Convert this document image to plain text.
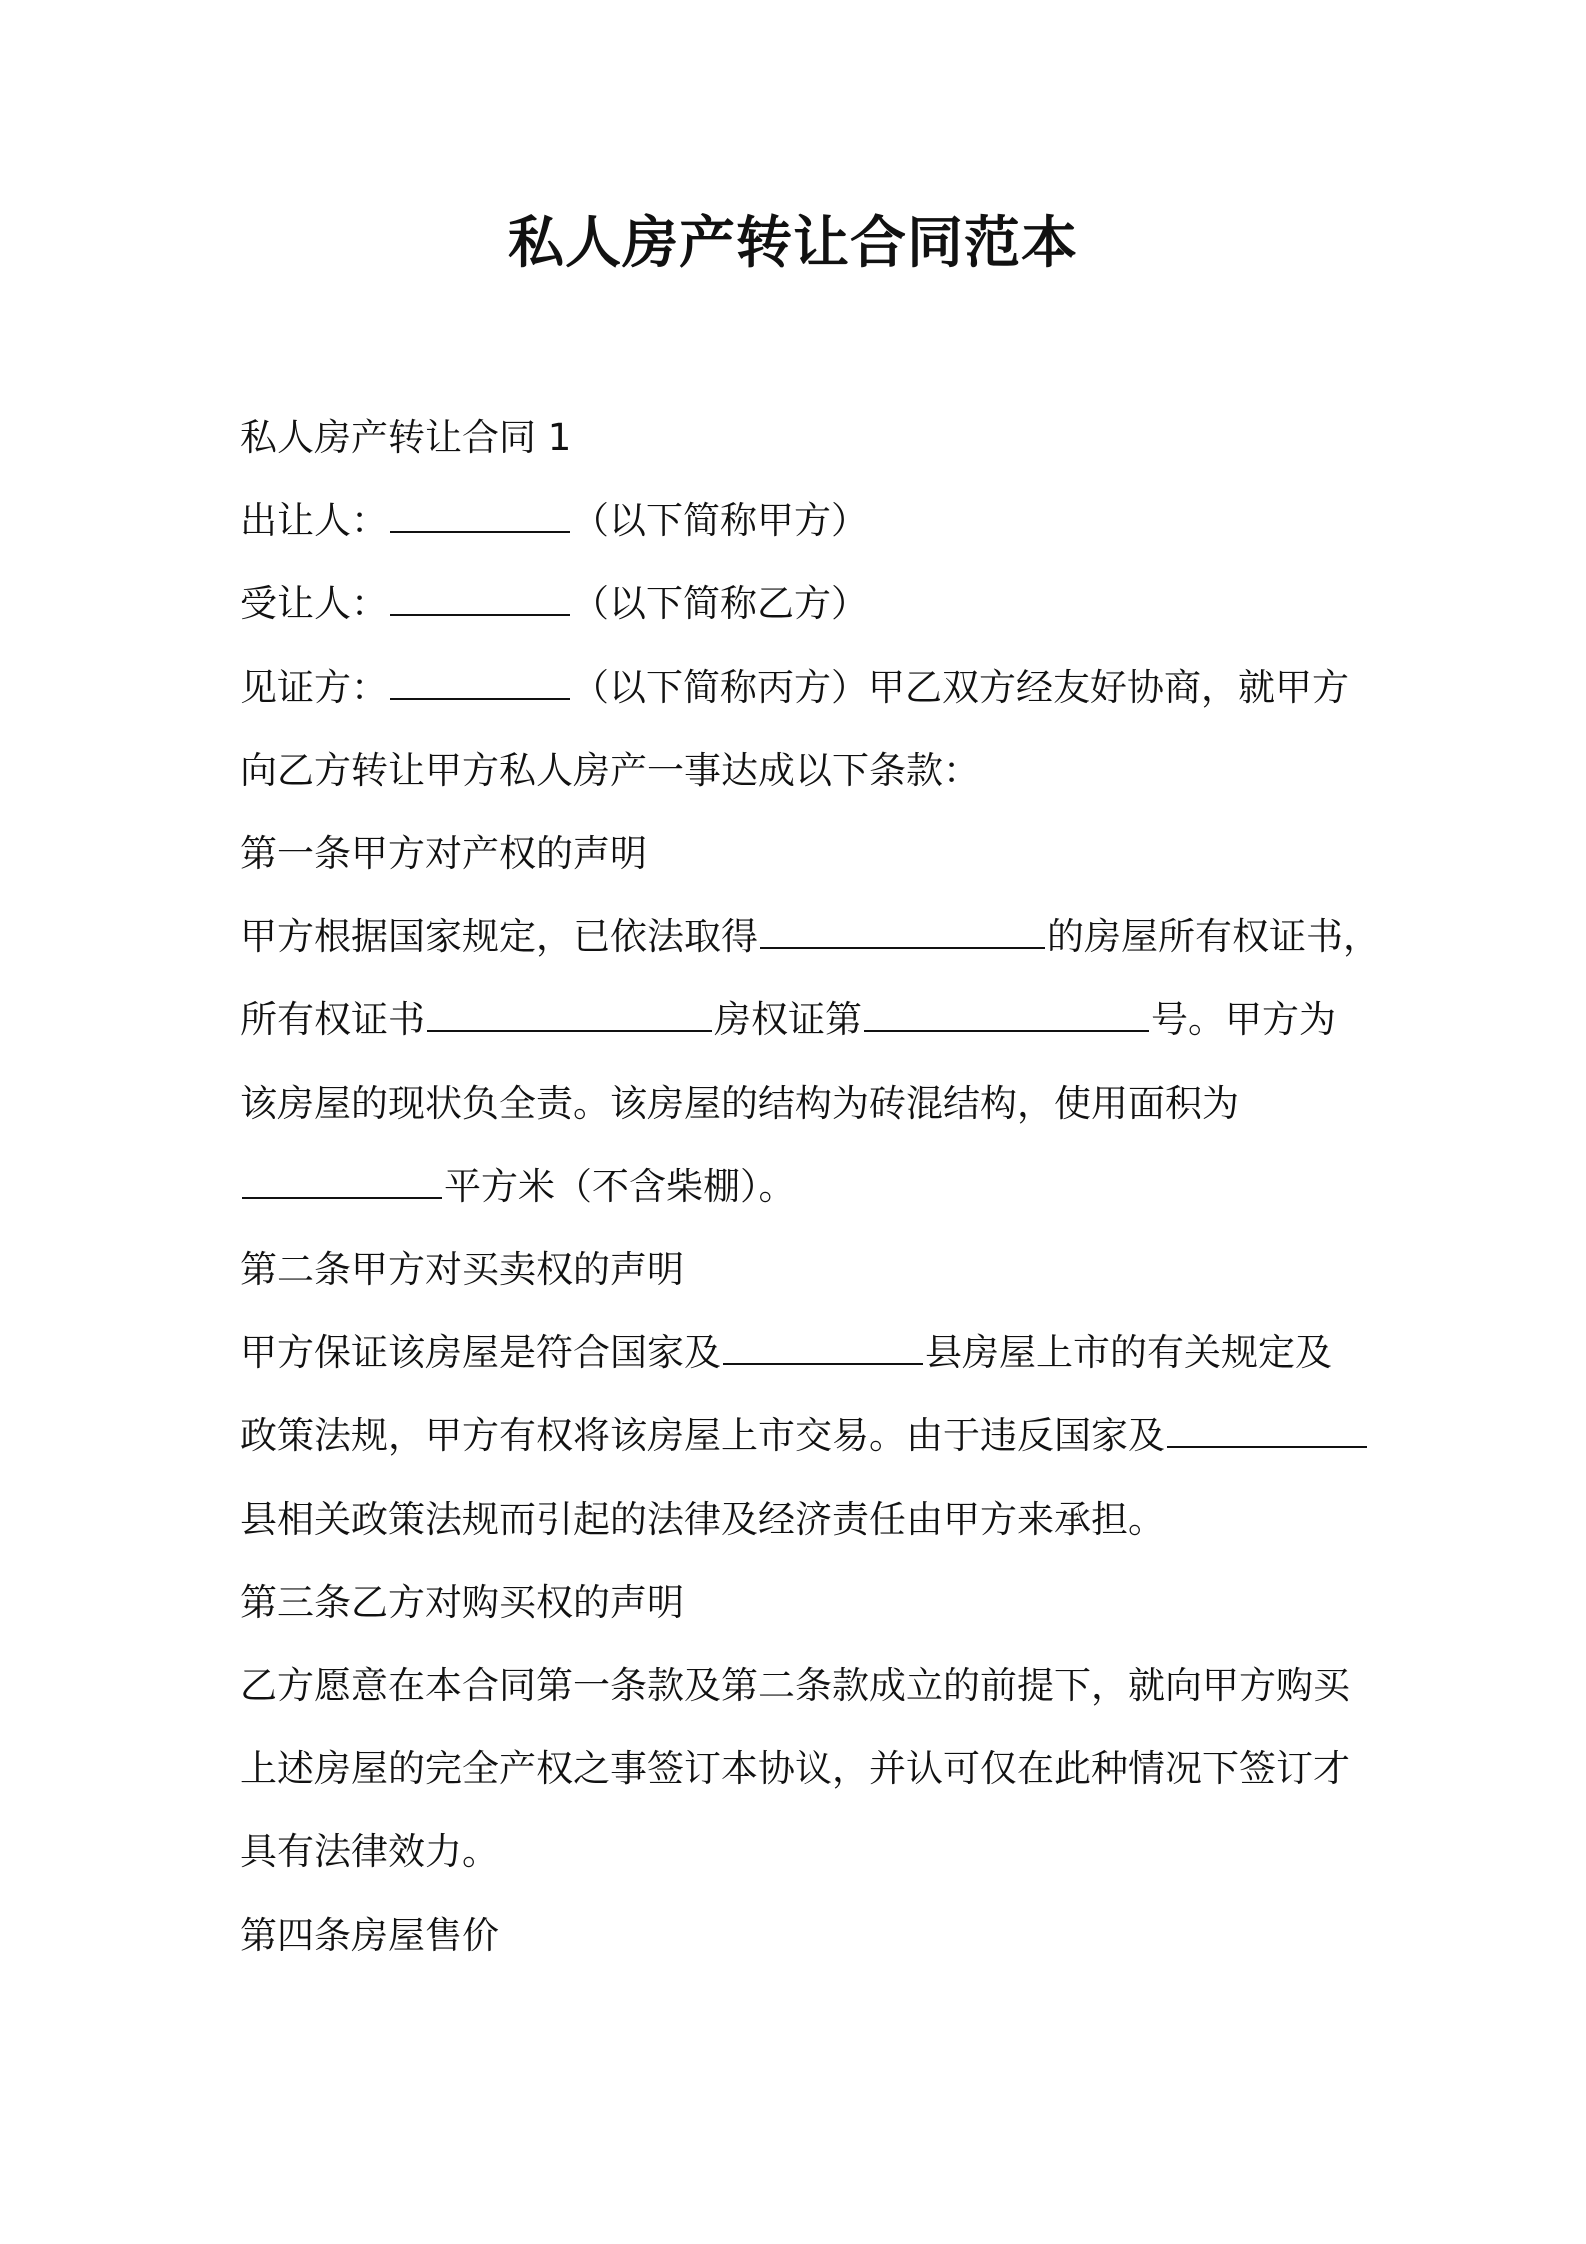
私人房产转让合同范本
私人房产转让合同 1
出让人：	（以下简称甲方）
受让人：	（以下简称乙方）
见证方：	（以下简称丙方）甲乙双方经友好协商，就甲方
向乙方转让甲方私人房产一事达成以下条款：
第一条甲方对产权的声明
甲方根据国家规定，已依法取得	的房屋所有权证书，
所有权证书	房权证第	号。甲方为
该房屋的现状负全责。该房屋的结构为砖混结构，使用面积为
平方米（不含柴棚）。
第二条甲方对买卖权的声明
甲方保证该房屋是符合国家及	县房屋上市的有关规定及
政策法规，甲方有权将该房屋上市交易。由于违反国家及
县相关政策法规而引起的法律及经济责任由甲方来承担。
第三条乙方对购买权的声明
乙方愿意在本合同第一条款及第二条款成立的前提下，就向甲方购买
上述房屋的完全产权之事签订本协议，并认可仅在此种情况下签订才
具有法律效力。
第四条房屋售价
